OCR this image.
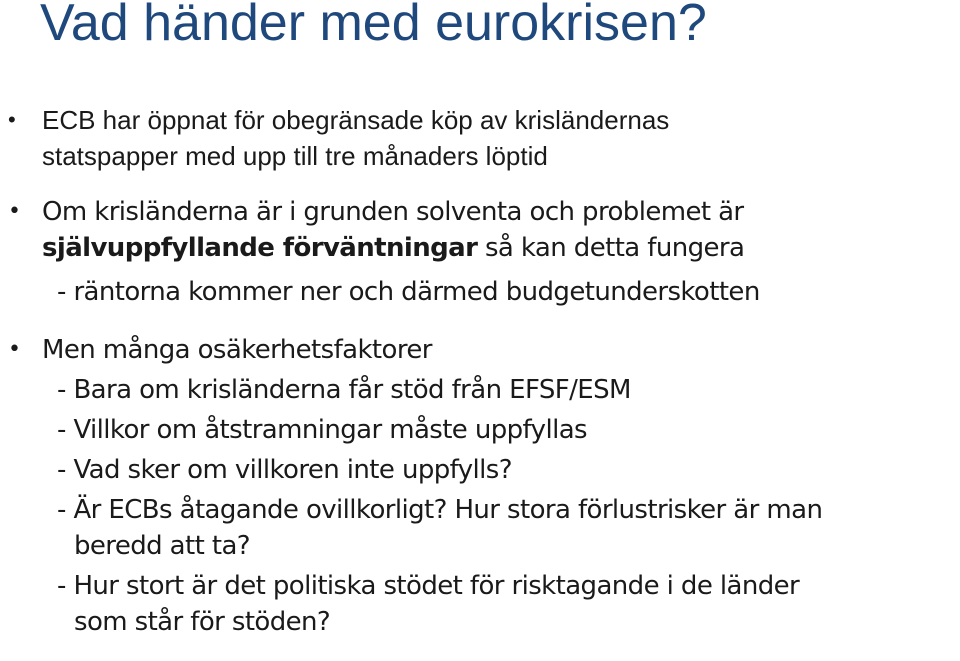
Vad händer med eurokrisen?
• ECB har öppnat för obegränsade köp av krisländernas
statspapper med upp till tre månaders löptid
• Om krisländerna är i grunden solventa och problemet är
självuppfyllande förväntningar så kan detta fungera
- räntorna kommer ner och därmed budgetunderskotten
• Men många osäkerhetsfaktorer
- Bara om krisländerna får stöd från EFSF/ESM
- Villkor om åtstramningar måste uppfyllas
- Vad sker om villkoren inte uppfylls?
- Är ECBs åtagande ovillkorligt? Hur stora förlustrisker är man
beredd att ta?
- Hur stort är det politiska stödet för risktagande i de länder
som står för stöden?
